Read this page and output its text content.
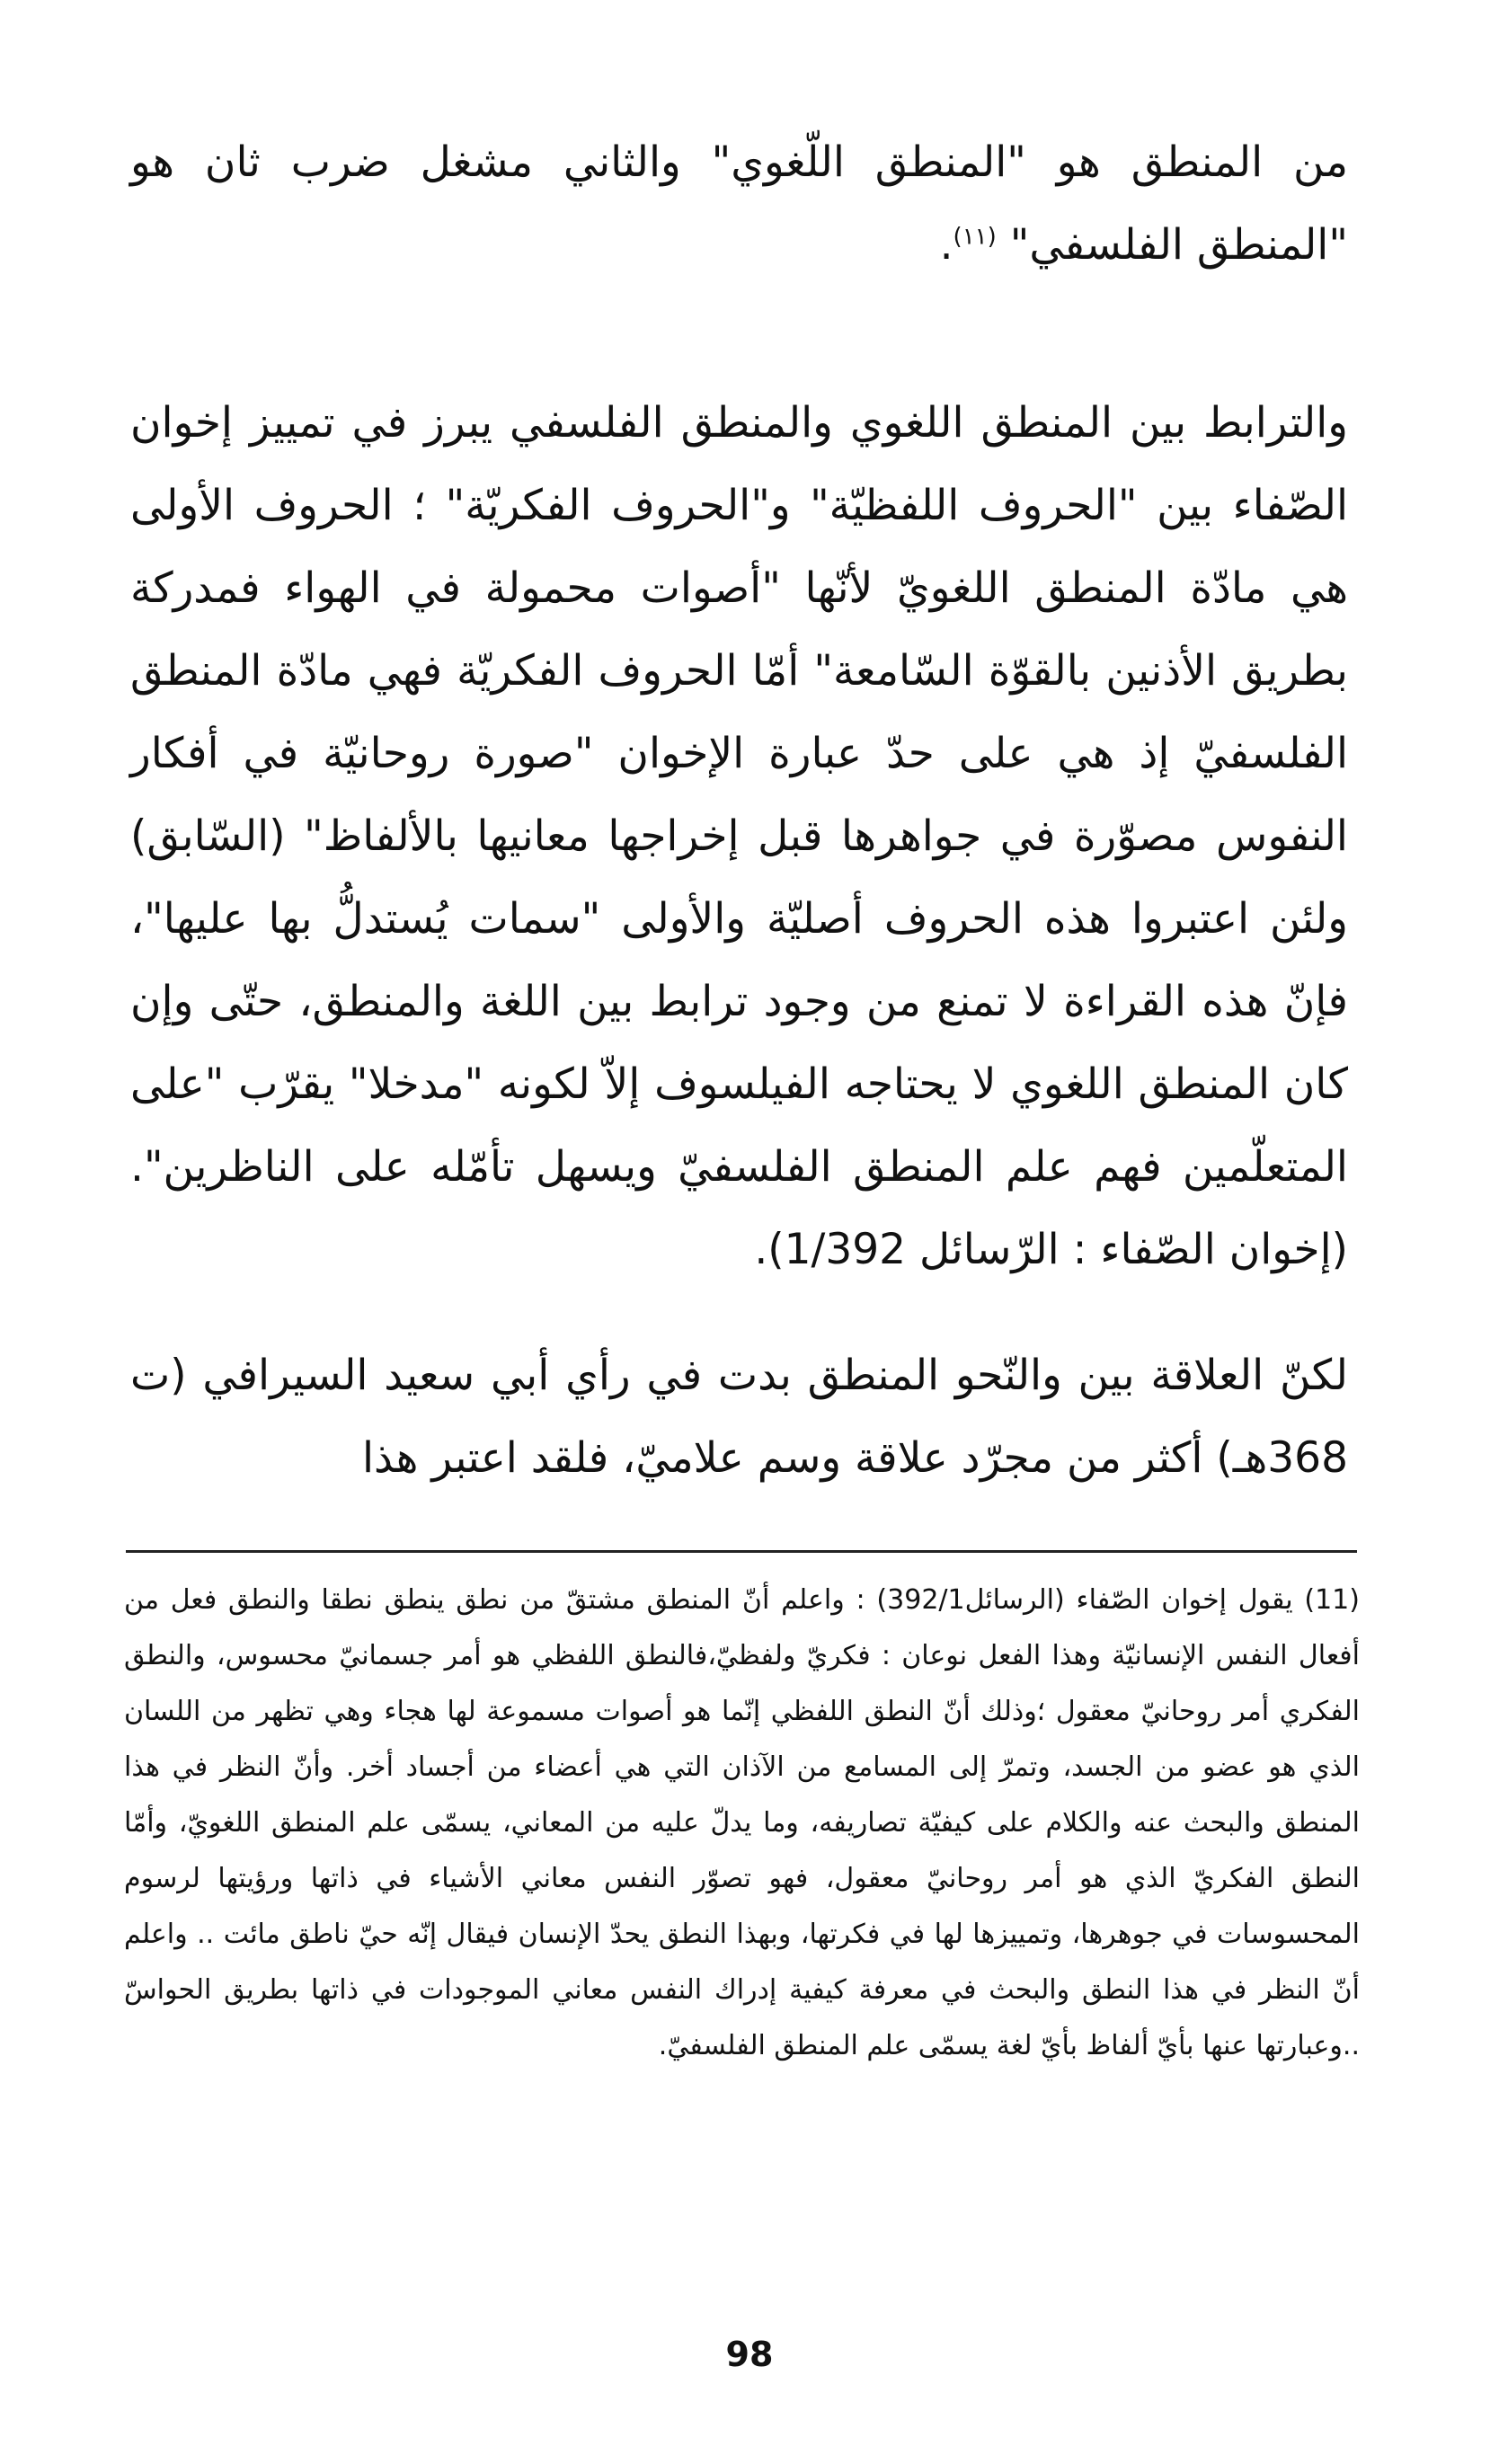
من المنطق هو "المنطق اللّغوي" والثاني مشغل ضرب ثان هو "المنطق الفلسفي" $^{(١١)}$.

والترابط بين المنطق اللغوي والمنطق الفلسفي يبرز في تمييز إخوان الصّفاء بين "الحروف اللفظيّة" و"الحروف الفكريّة" ؛ الحروف الأولى هي مادّة المنطق اللغويّ لأنّها "أصوات محمولة في الهواء فمدركة بطريق الأذنين بالقوّة السّامعة" أمّا الحروف الفكريّة فهي مادّة المنطق الفلسفيّ إذ هي على حدّ عبارة الإخوان "صورة روحانيّة في أفكار النفوس مصوّرة في جواهرها قبل إخراجها معانيها بالألفاظ" (السّابق) ولئن اعتبروا هذه الحروف أصليّة والأولى "سمات يُستدلُّ بها عليها"، فإنّ هذه القراءة لا تمنع من وجود ترابط بين اللغة والمنطق، حتّى وإن كان المنطق اللغوي لا يحتاجه الفيلسوف إلاّ لكونه "مدخلا" يقرّب "على المتعلّمين فهم علم المنطق الفلسفيّ ويسهل تأمّله على الناظرين". (إخوان الصّفاء : الرّسائل 1/392).

لكنّ العلاقة بين والنّحو المنطق بدت في رأي أبي سعيد السيرافي (ت 368هـ) أكثر من مجرّد علاقة وسم علاميّ، فلقد اعتبر هذا

(11) يقول إخوان الصّفاء (الرسائل392/1) : واعلم أنّ المنطق مشتقّ من نطق ينطق نطقا والنطق فعل من أفعال النفس الإنسانيّة وهذا الفعل نوعان : فكريّ ولفظيّ،فالنطق اللفظي هو أمر جسمانيّ محسوس، والنطق الفكري أمر روحانيّ معقول ؛وذلك أنّ النطق اللفظي إنّما هو أصوات مسموعة لها هجاء وهي تظهر من اللسان الذي هو عضو من الجسد، وتمرّ إلى المسامع من الآذان التي هي أعضاء من أجساد أخر. وأنّ النظر في هذا المنطق والبحث عنه والكلام على كيفيّة تصاريفه، وما يدلّ عليه من المعاني، يسمّى علم المنطق اللغويّ، وأمّا النطق الفكريّ الذي هو أمر روحانيّ معقول، فهو تصوّر النفس معاني الأشياء في ذاتها ورؤيتها لرسوم المحسوسات في جوهرها، وتمييزها لها في فكرتها، وبهذا النطق يحدّ الإنسان فيقال إنّه حيّ ناطق مائت .. واعلم أنّ النظر في هذا النطق والبحث في معرفة كيفية إدراك النفس معاني الموجودات في ذاتها بطريق الحواسّ ..وعبارتها عنها بأيّ ألفاظ بأيّ لغة يسمّى علم المنطق الفلسفيّ.

98
